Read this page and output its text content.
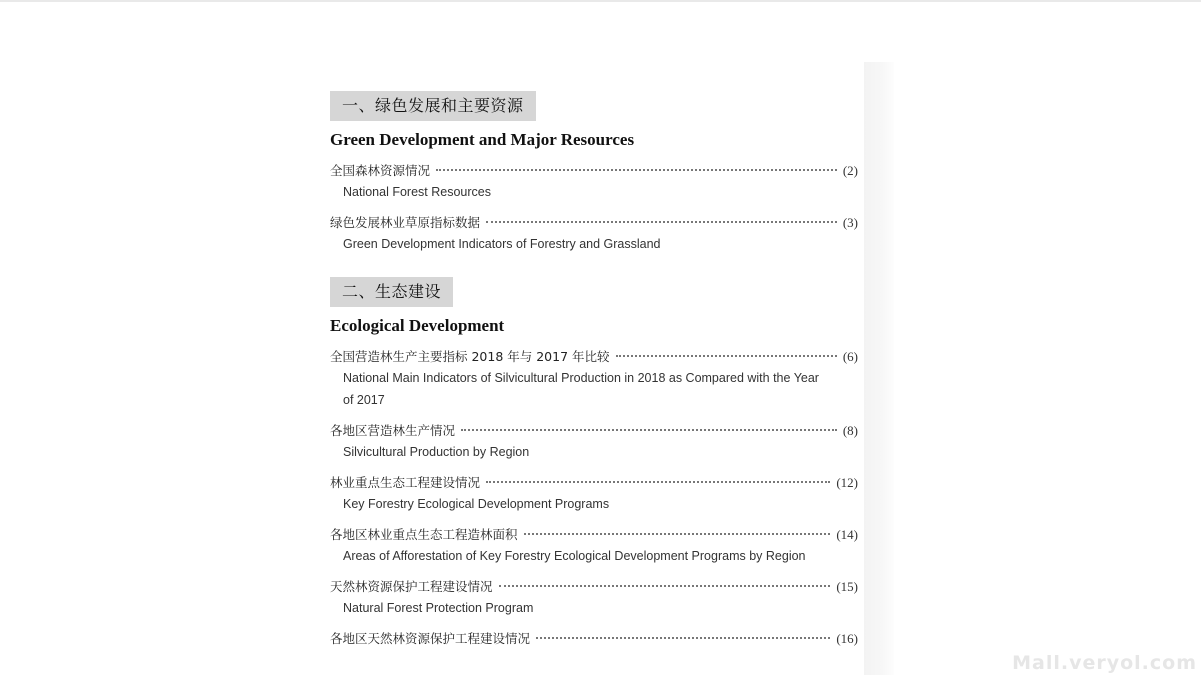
一、绿色发展和主要资源
Green Development and Major Resources
全国森林资源情况	(2)
National Forest Resources
绿色发展林业草原指标数据	(3)
Green Development Indicators of Forestry and Grassland
二、生态建设
Ecological Development
全国营造林生产主要指标 2018 年与 2017 年比较	(6)
National Main Indicators of Silvicultural Production in 2018 as Compared with the Year of 2017
各地区营造林生产情况	(8)
Silvicultural Production by Region
林业重点生态工程建设情况	(12)
Key Forestry Ecological Development Programs
各地区林业重点生态工程造林面积	(14)
Areas of Afforestation of Key Forestry Ecological Development Programs by Region
天然林资源保护工程建设情况	(15)
Natural Forest Protection Program
各地区天然林资源保护工程建设情况	(16)
Mall.veryol.com
